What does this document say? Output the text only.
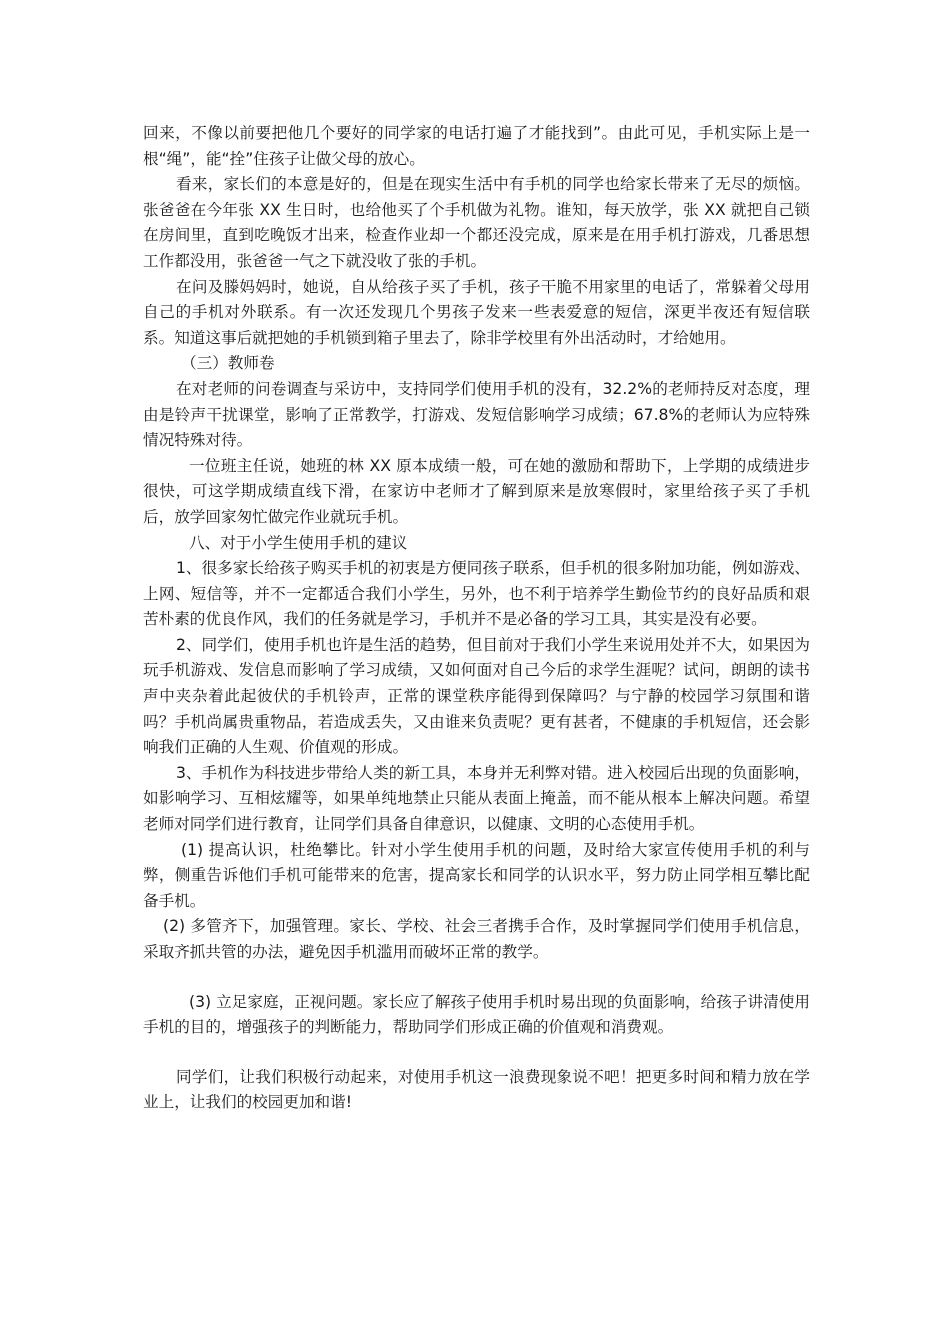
回来，不像以前要把他几个要好的同学家的电话打遍了才能找到”。由此可见，手机实际上是一根“绳”，能“拴”住孩子让做父母的放心。

看来，家长们的本意是好的，但是在现实生活中有手机的同学也给家长带来了无尽的烦恼。张爸爸在今年张 XX 生日时，也给他买了个手机做为礼物。谁知，每天放学，张 XX 就把自己锁在房间里，直到吃晚饭才出来，检查作业却一个都还没完成，原来是在用手机打游戏，几番思想工作都没用，张爸爸一气之下就没收了张的手机。

在问及滕妈妈时，她说，自从给孩子买了手机，孩子干脆不用家里的电话了，常躲着父母用自己的手机对外联系。有一次还发现几个男孩子发来一些表爱意的短信，深更半夜还有短信联系。知道这事后就把她的手机锁到箱子里去了，除非学校里有外出活动时，才给她用。

（三）教师卷

在对老师的问卷调查与采访中，支持同学们使用手机的没有，32.2%的老师持反对态度，理由是铃声干扰课堂，影响了正常教学，打游戏、发短信影响学习成绩；67.8%的老师认为应特殊情况特殊对待。

一位班主任说，她班的林 XX 原本成绩一般，可在她的激励和帮助下，上学期的成绩进步很快，可这学期成绩直线下滑，在家访中老师才了解到原来是放寒假时，家里给孩子买了手机后，放学回家匆忙做完作业就玩手机。

八、对于小学生使用手机的建议

1、很多家长给孩子购买手机的初衷是方便同孩子联系，但手机的很多附加功能，例如游戏、上网、短信等，并不一定都适合我们小学生，另外，也不利于培养学生勤俭节约的良好品质和艰苦朴素的优良作风，我们的任务就是学习，手机并不是必备的学习工具，其实是没有必要。

2、同学们，使用手机也许是生活的趋势，但目前对于我们小学生来说用处并不大，如果因为玩手机游戏、发信息而影响了学习成绩，又如何面对自己今后的求学生涯呢？试问，朗朗的读书声中夹杂着此起彼伏的手机铃声，正常的课堂秩序能得到保障吗？与宁静的校园学习氛围和谐吗？手机尚属贵重物品，若造成丢失，又由谁来负责呢？更有甚者，不健康的手机短信，还会影响我们正确的人生观、价值观的形成。

3、手机作为科技进步带给人类的新工具，本身并无利弊对错。进入校园后出现的负面影响，如影响学习、互相炫耀等，如果单纯地禁止只能从表面上掩盖，而不能从根本上解决问题。希望老师对同学们进行教育，让同学们具备自律意识，以健康、文明的心态使用手机。

(1) 提高认识，杜绝攀比。针对小学生使用手机的问题，及时给大家宣传使用手机的利与弊，侧重告诉他们手机可能带来的危害，提高家长和同学的认识水平，努力防止同学相互攀比配备手机。

(2) 多管齐下，加强管理。家长、学校、社会三者携手合作，及时掌握同学们使用手机信息，采取齐抓共管的办法，避免因手机滥用而破坏正常的教学。

(3) 立足家庭，正视问题。家长应了解孩子使用手机时易出现的负面影响，给孩子讲清使用手机的目的，增强孩子的判断能力，帮助同学们形成正确的价值观和消费观。

同学们，让我们积极行动起来，对使用手机这一浪费现象说不吧！把更多时间和精力放在学业上，让我们的校园更加和谐!
